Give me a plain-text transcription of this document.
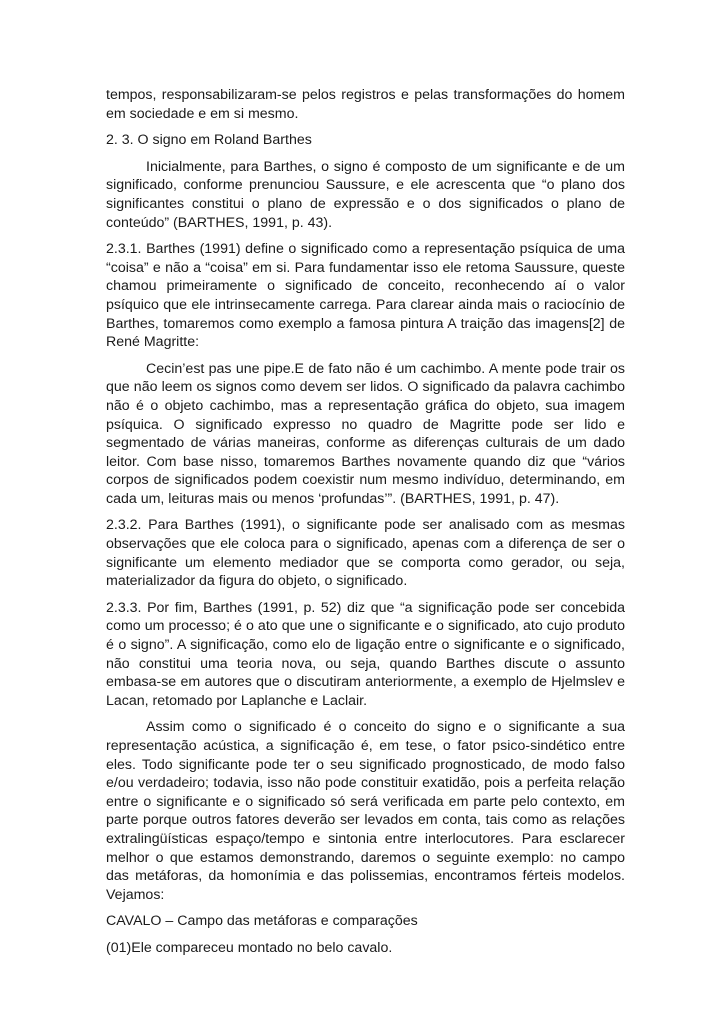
tempos, responsabilizaram-se pelos registros e pelas transformações do homem em sociedade e em si mesmo.

2. 3. O signo em Roland Barthes

Inicialmente, para Barthes, o signo é composto de um significante e de um significado, conforme prenunciou Saussure, e ele acrescenta que “o plano dos significantes constitui o plano de expressão e o dos significados o plano de conteúdo” (BARTHES, 1991, p. 43).

2.3.1. Barthes (1991) define o significado como a representação psíquica de uma “coisa” e não a “coisa” em si. Para fundamentar isso ele retoma Saussure, queste chamou primeiramente o significado de conceito, reconhecendo aí o valor psíquico que ele intrinsecamente carrega. Para clarear ainda mais o raciocínio de Barthes, tomaremos como exemplo a famosa pintura A traição das imagens[2] de René Magritte:

Cecin’est pas une pipe.E de fato não é um cachimbo. A mente pode trair os que não leem os signos como devem ser lidos. O significado da palavra cachimbo não é o objeto cachimbo, mas a representação gráfica do objeto, sua imagem psíquica. O significado expresso no quadro de Magritte pode ser lido e segmentado de várias maneiras, conforme as diferenças culturais de um dado leitor. Com base nisso, tomaremos Barthes novamente quando diz que “vários corpos de significados podem coexistir num mesmo indivíduo, determinando, em cada um, leituras mais ou menos ‘profundas’”. (BARTHES, 1991, p. 47).

2.3.2. Para Barthes (1991), o significante pode ser analisado com as mesmas observações que ele coloca para o significado, apenas com a diferença de ser o significante um elemento mediador que se comporta como gerador, ou seja, materializador da figura do objeto, o significado.

2.3.3. Por fim, Barthes (1991, p. 52) diz que “a significação pode ser concebida como um processo; é o ato que une o significante e o significado, ato cujo produto é o signo”. A significação, como elo de ligação entre o significante e o significado, não constitui uma teoria nova, ou seja, quando Barthes discute o assunto embasa-se em autores que o discutiram anteriormente, a exemplo de Hjelmslev e Lacan, retomado por Laplanche e Laclair.

Assim como o significado é o conceito do signo e o significante a sua representação acústica, a significação é, em tese, o fator psico-sindético entre eles. Todo significante pode ter o seu significado prognosticado, de modo falso e/ou verdadeiro; todavia, isso não pode constituir exatidão, pois a perfeita relação entre o significante e o significado só será verificada em parte pelo contexto, em parte porque outros fatores deverão ser levados em conta, tais como as relações extralingüísticas espaço/tempo e sintonia entre interlocutores. Para esclarecer melhor o que estamos demonstrando, daremos o seguinte exemplo: no campo das metáforas, da homonímia e das polissemias, encontramos férteis modelos. Vejamos:

CAVALO – Campo das metáforas e comparações

(01)Ele compareceu montado no belo cavalo.
